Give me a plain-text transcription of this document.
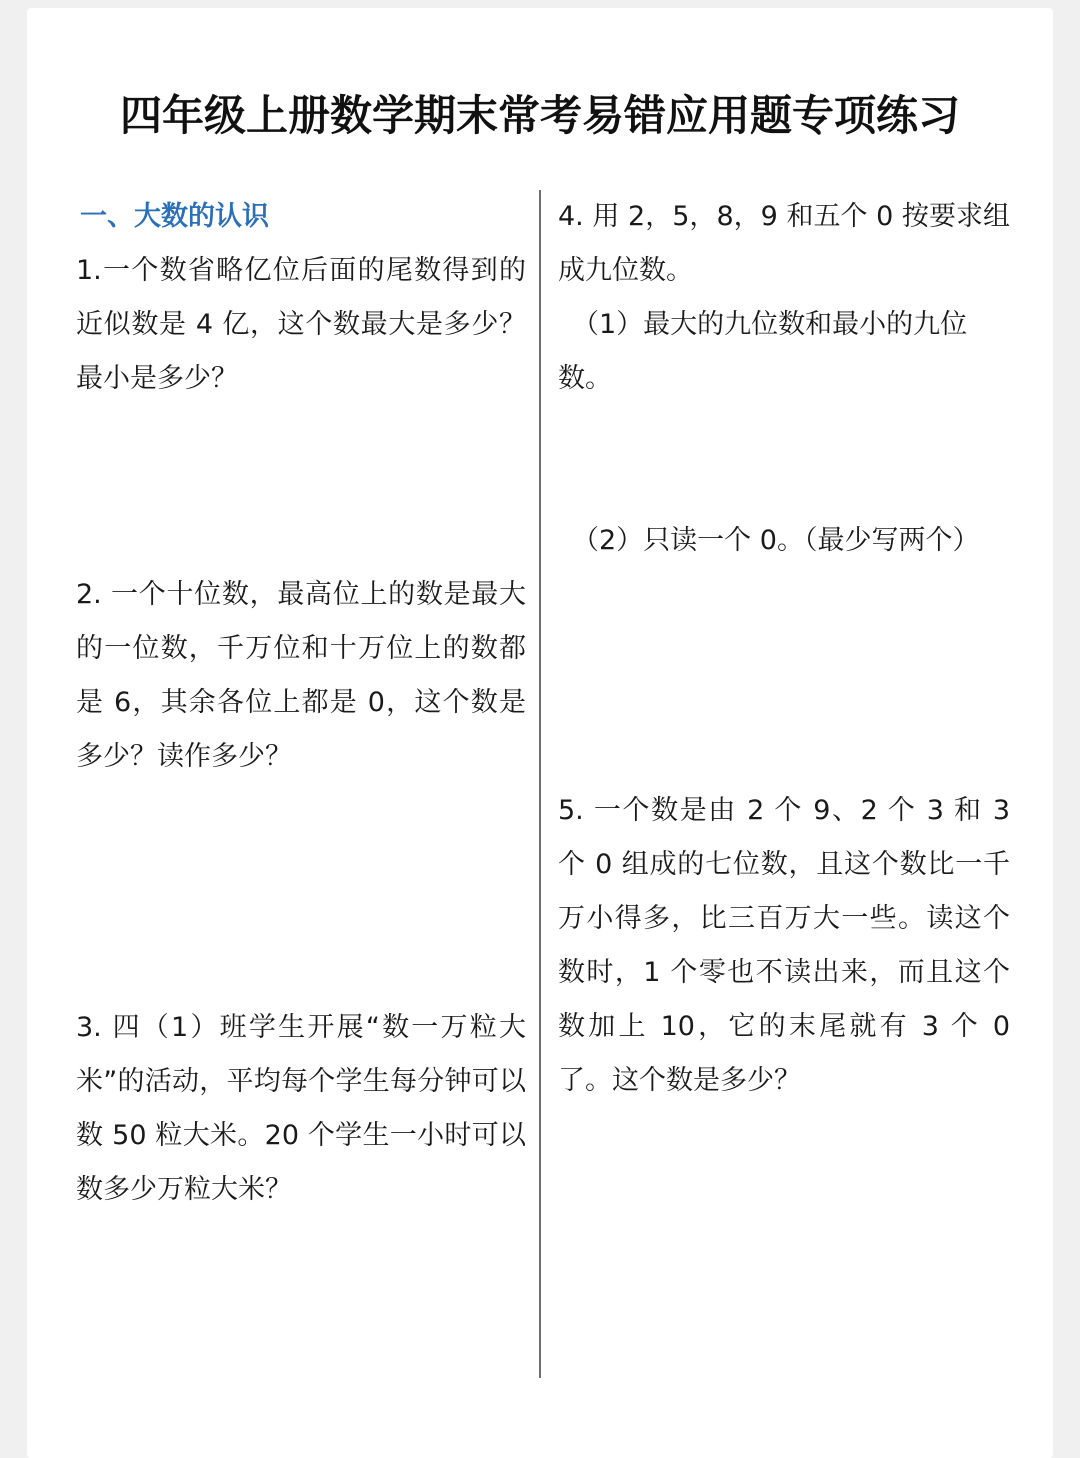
四年级上册数学期末常考易错应用题专项练习
一、大数的认识

1.一个数省略亿位后面的尾数得到的近似数是 4 亿，这个数最大是多少？最小是多少？

2. 一个十位数，最高位上的数是最大的一位数，千万位和十万位上的数都是 6，其余各位上都是 0，这个数是多少？读作多少？

3. 四（1）班学生开展“数一万粒大米”的活动，平均每个学生每分钟可以数 50 粒大米。20 个学生一小时可以数多少万粒大米？

4. 用 2，5，8，9 和五个 0 按要求组成九位数。

（1）最大的九位数和最小的九位数。

（2）只读一个 0。（最少写两个）

5. 一个数是由 2 个 9、2 个 3 和 3 个 0 组成的七位数，且这个数比一千万小得多，比三百万大一些。读这个数时，1 个零也不读出来，而且这个数加上 10，它的末尾就有 3 个 0 了。这个数是多少？
